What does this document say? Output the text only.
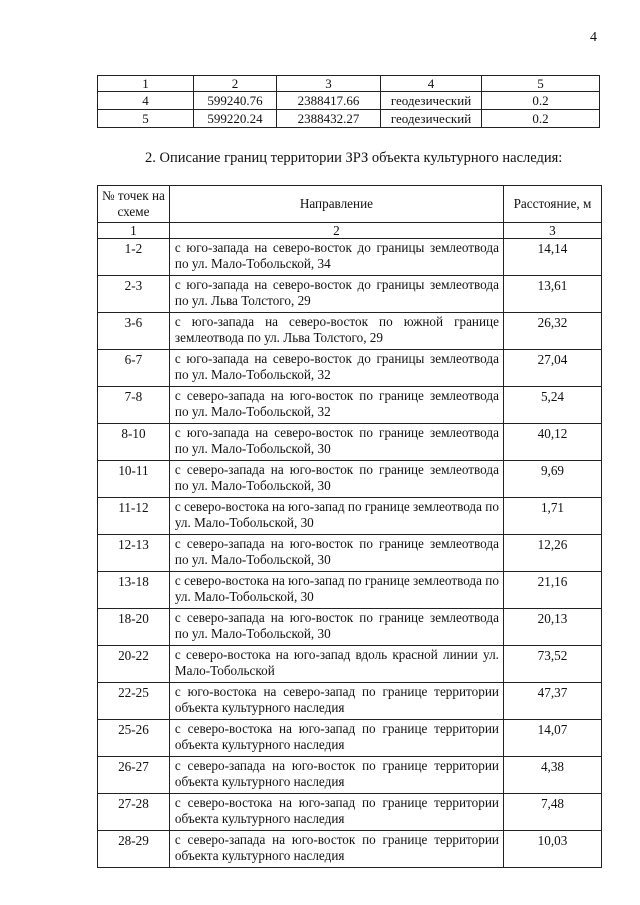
4
1	2	3	4	5
4	599240.76	2388417.66	геодезический	0.2
5	599220.24	2388432.27	геодезический	0.2
2. Описание границ территории ЗРЗ объекта культурного наследия:
№ точек на схеме	Направление	Расстояние, м
1	2	3
1-2	с юго-запада на северо-восток до границы землеотвода по ул. Мало-Тобольской, 34	14,14
2-3	с юго-запада на северо-восток до границы землеотвода по ул. Льва Толстого, 29	13,61
3-6	с юго-запада на северо-восток по южной границе землеотвода по ул. Льва Толстого, 29	26,32
6-7	с юго-запада на северо-восток до границы землеотвода по ул. Мало-Тобольской, 32	27,04
7-8	с северо-запада на юго-восток по границе землеотвода по ул. Мало-Тобольской, 32	5,24
8-10	с юго-запада на северо-восток по границе землеотвода по ул. Мало-Тобольской, 30	40,12
10-11	с северо-запада на юго-восток по границе землеотвода по ул. Мало-Тобольской, 30	9,69
11-12	с северо-востока на юго-запад по границе землеотвода по ул. Мало-Тобольской, 30	1,71
12-13	с северо-запада на юго-восток по границе землеотвода по ул. Мало-Тобольской, 30	12,26
13-18	с северо-востока на юго-запад по границе землеотвода по ул. Мало-Тобольской, 30	21,16
18-20	с северо-запада на юго-восток по границе землеотвода по ул. Мало-Тобольской, 30	20,13
20-22	с северо-востока на юго-запад вдоль красной линии ул. Мало-Тобольской	73,52
22-25	с юго-востока на северо-запад по границе территории объекта культурного наследия	47,37
25-26	с северо-востока на юго-запад по границе территории объекта культурного наследия	14,07
26-27	с северо-запада на юго-восток по границе территории объекта культурного наследия	4,38
27-28	с северо-востока на юго-запад по границе территории объекта культурного наследия	7,48
28-29	с северо-запада на юго-восток по границе территории объекта культурного наследия	10,03
